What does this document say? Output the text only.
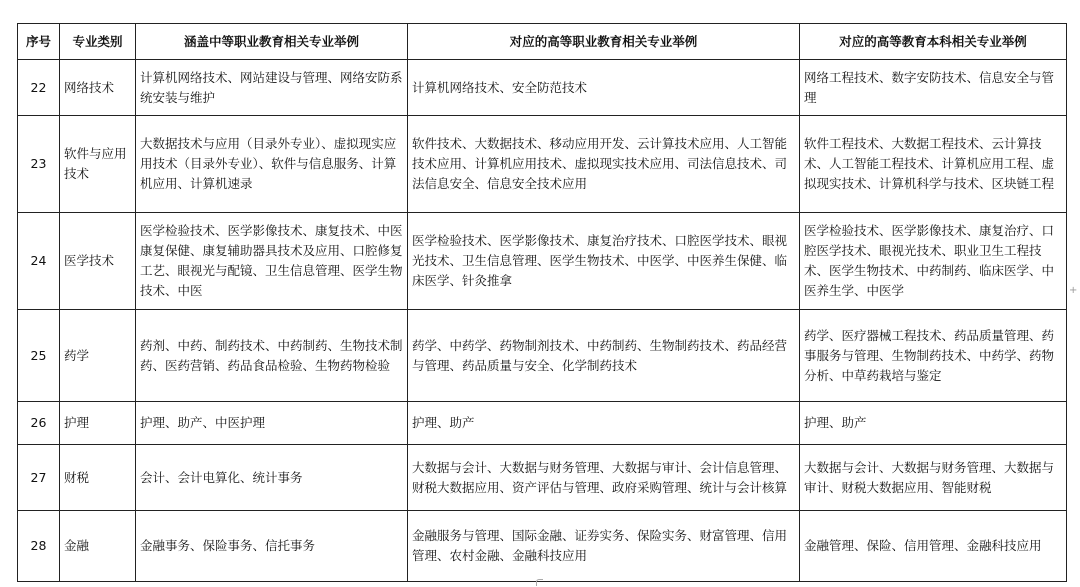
序号	专业类别	涵盖中等职业教育相关专业举例	对应的高等职业教育相关专业举例	对应的高等教育本科相关专业举例
22	网络技术	计算机网络技术、网站建设与管理、网络安防系统安装与维护	计算机网络技术、安全防范技术	网络工程技术、数字安防技术、信息安全与管理
23	软件与应用技术	大数据技术与应用（目录外专业）、虚拟现实应用技术（目录外专业）、软件与信息服务、计算机应用、计算机速录	软件技术、大数据技术、移动应用开发、云计算技术应用、人工智能技术应用、计算机应用技术、虚拟现实技术应用、司法信息技术、司法信息安全、信息安全技术应用	软件工程技术、大数据工程技术、云计算技术、人工智能工程技术、计算机应用工程、虚拟现实技术、计算机科学与技术、区块链工程
24	医学技术	医学检验技术、医学影像技术、康复技术、中医康复保健、康复辅助器具技术及应用、口腔修复工艺、眼视光与配镜、卫生信息管理、医学生物技术、中医	医学检验技术、医学影像技术、康复治疗技术、口腔医学技术、眼视光技术、卫生信息管理、医学生物技术、中医学、中医养生保健、临床医学、针灸推拿	医学检验技术、医学影像技术、康复治疗、口腔医学技术、眼视光技术、职业卫生工程技术、医学生物技术、中药制药、临床医学、中医养生学、中医学
25	药学	药剂、中药、制药技术、中药制药、生物技术制药、医药营销、药品食品检验、生物药物检验	药学、中药学、药物制剂技术、中药制药、生物制药技术、药品经营与管理、药品质量与安全、化学制药技术	药学、医疗器械工程技术、药品质量管理、药事服务与管理、生物制药技术、中药学、药物分析、中草药栽培与鉴定
26	护理	护理、助产、中医护理	护理、助产	护理、助产
27	财税	会计、会计电算化、统计事务	大数据与会计、大数据与财务管理、大数据与审计、会计信息管理、财税大数据应用、资产评估与管理、政府采购管理、统计与会计核算	大数据与会计、大数据与财务管理、大数据与审计、财税大数据应用、智能财税
28	金融	金融事务、保险事务、信托事务	金融服务与管理、国际金融、证券实务、保险实务、财富管理、信用管理、农村金融、金融科技应用	金融管理、保险、信用管理、金融科技应用
+
